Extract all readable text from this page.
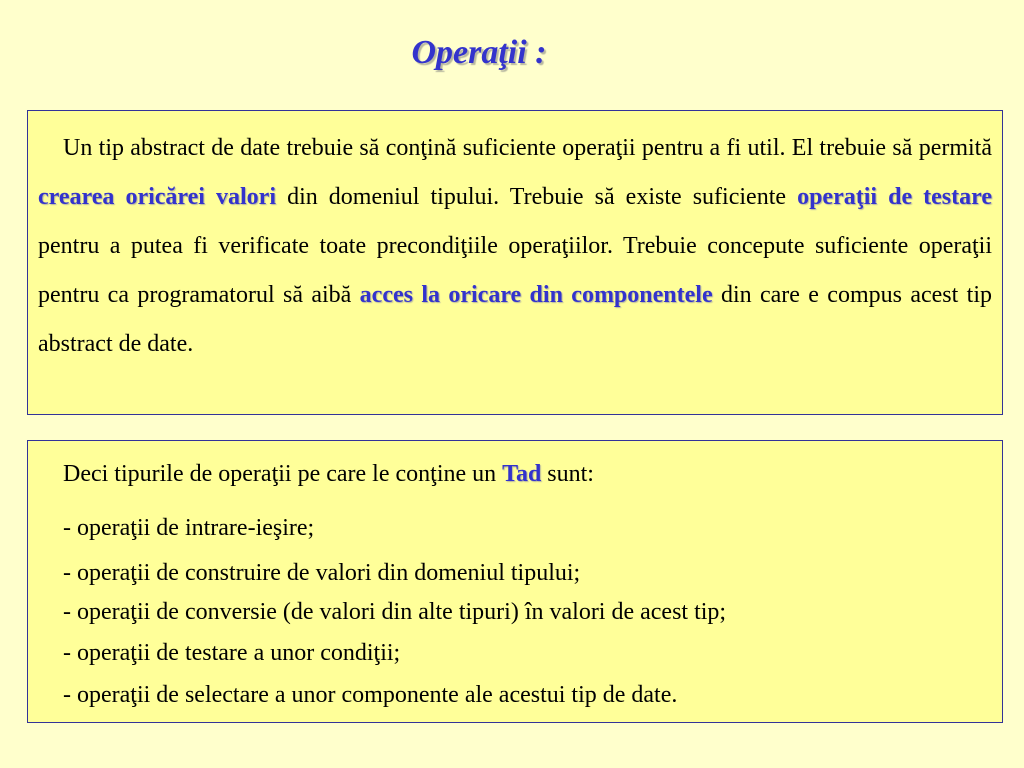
Operaţii :

Un tip abstract de date trebuie să conţină suficiente operaţii pentru a fi util. El trebuie să permită crearea oricărei valori din domeniul tipului. Trebuie să existe suficiente operaţii de testare pentru a putea fi verificate toate precondiţiile operaţiilor. Trebuie concepute suficiente operaţii pentru ca programatorul să aibă acces la oricare din componentele din care e compus acest tip abstract de date.

Deci tipurile de operaţii pe care le conţine un Tad sunt:
- operaţii de intrare-ieşire;
- operaţii de construire de valori din domeniul tipului;
- operaţii de conversie (de valori din alte tipuri) în valori de acest tip;
- operaţii de testare a unor condiţii;
- operaţii de selectare a unor componente ale acestui tip de date.
